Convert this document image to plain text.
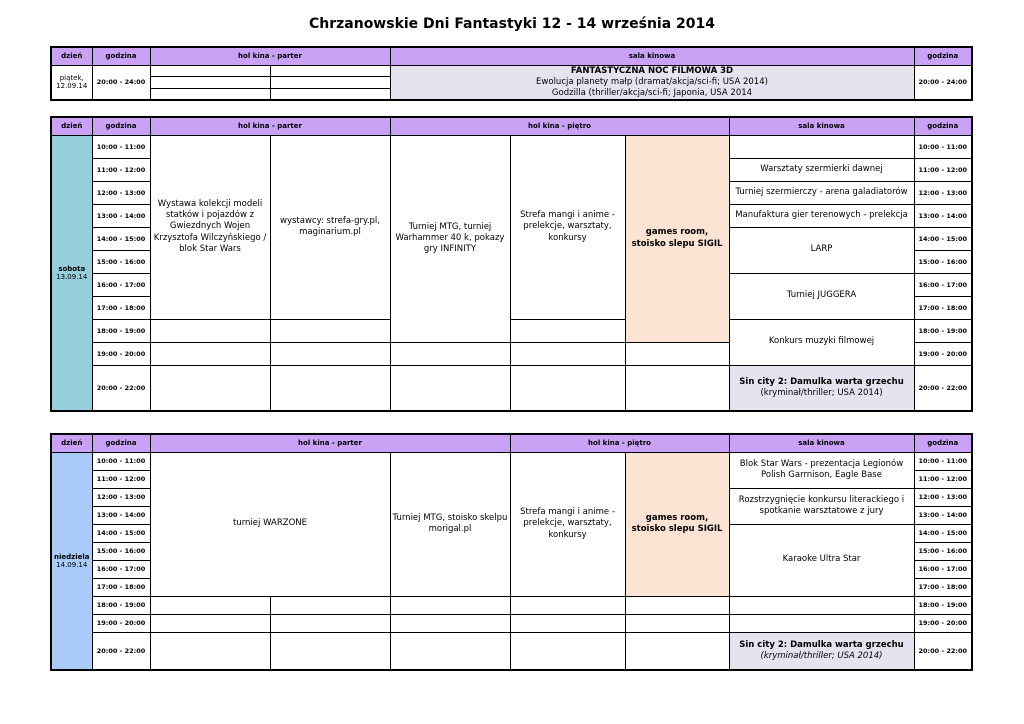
Chrzanowskie Dni Fantastyki 12 - 14 września 2014
dzień	godzina	hol kina - parter		sala kinowa	godzina

piątek,
12.09.14	20:00 - 24:00			FANTASTYCZNA NOC FILMOWA 3D
Ewolucja planety małp (dramat/akcja/sci-fi; USA 2014)
Godzilla (thriller/akcja/sci-fi; Japonia, USA 2014	20:00 - 24:00

dzień	godzina	hol kina - parter		hol kina - piętro			sala kinowa	godzina

sobota
13.09.14	10:00 - 11:00	Wystawa kolekcji modeli statków i pojazdów z Gwiezdnych Wojen Krzysztofa Wilczyńskiego / blok Star Wars	wystawcy: strefa-gry.pl, maginarium.pl	Turniej MTG, turniej Warhammer 40 k, pokazy gry INFINITY	Strefa mangi i anime - prelekcje, warsztaty, konkursy	games room, stoisko slepu SIGIL		10:00 - 11:00
	11:00 - 12:00						Warsztaty szermierki dawnej	11:00 - 12:00
	12:00 - 13:00						Turniej szermierczy - arena galadiatorów	12:00 - 13:00
	13:00 - 14:00						Manufaktura gier terenowych - prelekcja	13:00 - 14:00
	14:00 - 15:00						LARP	14:00 - 15:00
	15:00 - 16:00							15:00 - 16:00
	16:00 - 17:00						Turniej JUGGERA	16:00 - 17:00
	17:00 - 18:00							17:00 - 18:00
	18:00 - 19:00						Konkurs muzyki filmowej	18:00 - 19:00
	19:00 - 20:00							19:00 - 20:00
	20:00 - 22:00						Sin city 2: Damulka warta grzechu
(kryminał/thriller; USA 2014)	20:00 - 22:00
dzień	godzina	hol kina - parter			hol kina - piętro		sala kinowa	godzina

niedziela
14.09.14	10:00 - 11:00	turniej WARZONE		Turniej MTG, stoisko skelpu morigal.pl	Strefa mangi i anime - prelekcje, warsztaty, konkursy	games room, stoisko slepu SIGIL	Blok Star Wars - prezentacja Legionów Polish Garrnison, Eagle Base	10:00 - 11:00
	11:00 - 12:00							11:00 - 12:00
	12:00 - 13:00						Rozstrzygnięcie konkursu literackiego i spotkanie warsztatowe z jury	12:00 - 13:00
	13:00 - 14:00							13:00 - 14:00
	14:00 - 15:00						Karaoke Ultra Star	14:00 - 15:00
	15:00 - 16:00							15:00 - 16:00
	16:00 - 17:00							16:00 - 17:00
	17:00 - 18:00							17:00 - 18:00
	18:00 - 19:00							18:00 - 19:00
	19:00 - 20:00							19:00 - 20:00
	20:00 - 22:00						Sin city 2: Damulka warta grzechu
(kryminał/thriller; USA 2014)	20:00 - 22:00
